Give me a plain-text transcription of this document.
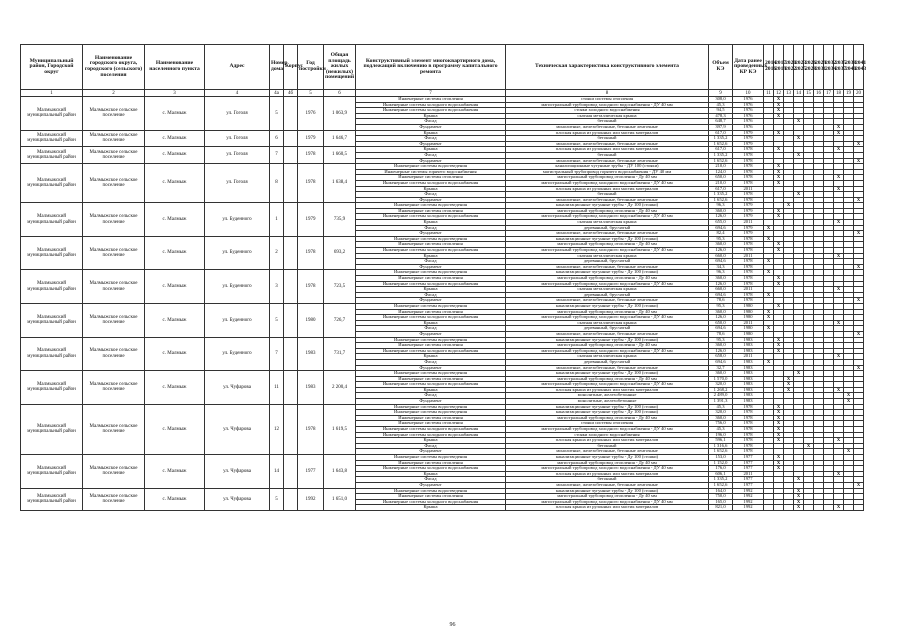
Муниципальный район, Городской округ	Наименование городского округа, городского (сельского) поселения	Наименование населенного пункта	Адрес	Номер дома	Корпус	Год постройки	Общая площадь жилых (нежилых) помещений	Конструктивный элемент многоквартирного дома, подлежащий включению в программу капитального ремонта	Техническая характеристика конструктивного элемента	Объем КЭ	Дата ранее проведенных КР КЭ	2014 2016	2017 2019	2020 2022	2023 2025	2026 2028	2029 2031	2032 2034	2035 2037	2038 2040	2041 2043
1	2	3	4	4a	4б	5	6	7	8	9	10	11	12	13	14	15	16	17	18	19	20
Малмыжский муниципальный район	Малмыжское сельское поселение	с. Малмыж	ул. Гоголя	5		1976	1 063,9	Инженерные системы отопления	стояки системы отопления	308,0	1976		X								
								Инженерные системы холодного водоснабжения	магистральный трубопровод холодного водоснабжения - ДУ 40 мм	45,3	1976		X								
								Инженерные системы холодного водоснабжения	стояки холодного водоснабжения	94,5	1976		X								
								Крыша	скатная металлическая крыша	478,3	1976		X								
								Фасад	бетонный	648,7	1976				X						
								Фундамент	монолитные, железобетонные, бетонные ленточные	397,9	1976								X		
Малмыжский муниципальный район	Малмыжское сельское поселение	с. Малмыж	ул. Гоголя	6		1979	1 646,7	Крыша	плоская крыша из рулонных или мастик материалов	617,0	1979		X						X		
								Фасад	бетонный	1 335,2	1979				X						
								Фундамент	монолитные, железобетонные, бетонные ленточные	1 652,6	1979										X
Малмыжский муниципальный район	Малмыжское сельское поселение	с. Малмыж	ул. Гоголя	7		1978	1 660,5	Крыша	плоская крыша из рулонных или мастик материалов	617,0	1978		X						X		
								Фасад	бетонный	1 335,2	1978				X						
								Фундамент	монолитные, железобетонные, бетонные ленточные	1 652,6	1978										X
Малмыжский муниципальный район	Малмыжское сельское поселение	с. Малмыж	ул. Гоголя	8		1978	1 638,4	Инженерные системы водоотведения	канализационные чугунные трубы - ДУ 100 (стояки)	210,0	1978		X								
								Инженерные системы горячего водоснабжения	магистральный трубопровод горячего водоснабжения - ДУ 40 мм	124,0	1978		X								
								Инженерные системы отопления	магистральный трубопровод отопления - Ду 40 мм	650,0	1978		X						X		
								Инженерные системы холодного водоснабжения	магистральный трубопровод холодного водоснабжения - ДУ 40 мм	210,0	1978		X								
								Крыша	плоская крыша из рулонных или мастик материалов	617,0	2011								X		
								Фасад	бетонный	1 335,2	1978				X						
								Фундамент	монолитные, железобетонные, бетонные ленточные	1 652,6	1978										X
Малмыжский муниципальный район	Малмыжское сельское поселение	с. Малмыж	ул. Буденного	1		1979	735,9	Инженерные системы водоотведения	канализационные чугунные трубы - Ду 100 (стояки)	96,3	1979			X							
								Инженерные системы отопления	магистральный трубопровод отопления - Ду 40 мм	360,0	1979		X								
								Инженерные системы холодного водоснабжения	магистральный трубопровод холодного водоснабжения - ДУ 40 мм	126,0	1979		X								
								Крыша	скатная металлическая крыша	655,0	2011								X		
								Фасад	деревянный, брусчатый	694,6	1979	X									
								Фундамент	монолитные, железобетонные, бетонные ленточные	82,4	1979										X
Малмыжский муниципальный район	Малмыжское сельское поселение	с. Малмыж	ул. Буденного	2		1978	693,2	Инженерные системы водоотведения	канализационные чугунные трубы - Ду 100 (стояки)	95,3	1978	X									
								Инженерные системы отопления	магистральный трубопровод отопления - Ду 40 мм	360,0	1978		X								
								Инженерные системы холодного водоснабжения	магистральный трубопровод холодного водоснабжения - ДУ 40 мм	126,0	1978		X								
								Крыша	скатная металлическая крыша	660,0	2011								X		
								Фасад	деревянный, брусчатый	694,6	1978	X									
								Фундамент	монолитные, железобетонные, бетонные ленточные	34,3	1978										X
Малмыжский муниципальный район	Малмыжское сельское поселение	с. Малмыж	ул. Буденного	3		1978	723,5	Инженерные системы водоотведения	канализационные чугунные трубы - Ду 100 (стояки)	96,3	1978	X									
								Инженерные системы отопления	магистральный трубопровод отопления - Ду 40 мм	360,0	1978		X								
								Инженерные системы холодного водоснабжения	магистральный трубопровод холодного водоснабжения - ДУ 40 мм	126,0	1978		X								
								Крыша	скатная металлическая крыша	660,0	2011								X		
								Фасад	деревянный, брусчатый	694,6	1978	X									
								Фундамент	монолитные, железобетонные, бетонные ленточные	78,6	1978										X
Малмыжский муниципальный район	Малмыжское сельское поселение	с. Малмыж	ул. Буденного	5		1980	726,7	Инженерные системы водоотведения	канализационные чугунные трубы - Ду 100 (стояки)	95,3	1980		X								
								Инженерные системы отопления	магистральный трубопровод отопления - Ду 40 мм	360,0	1980	X									
								Инженерные системы холодного водоснабжения	магистральный трубопровод холодного водоснабжения - ДУ 40 мм	126,0	1980	X									
								Крыша	скатная металлическая крыша	650,0	2011								X		
								Фасад	деревянный, брусчатый	694,6	1980	X									
								Фундамент	монолитные, железобетонные, бетонные ленточные	78,6	1980										X
Малмыжский муниципальный район	Малмыжское сельское поселение	с. Малмыж	ул. Буденного	7		1983	731,7	Инженерные системы водоотведения	канализационные чугунные трубы - Ду 100 (стояки)	95,3	1983		X								
								Инженерные системы отопления	магистральный трубопровод отопления - Ду 40 мм	360,0	1983		X								
								Инженерные системы холодного водоснабжения	магистральный трубопровод холодного водоснабжения - ДУ 40 мм	126,0	1983		X								
								Крыша	скатная металлическая крыша	658,0	2011								X		
								Фасад	деревянный, брусчатый	694,6	1983	X									
								Фундамент	монолитные, железобетонные, бетонные ленточные	32,7	1983										X
Малмыжский муниципальный район	Малмыжское сельское поселение	с. Малмыж	ул. Чуфарова	11		1983	2 200,4	Инженерные системы водоотведения	канализационные чугунные трубы - Ду 100 (стояки)	360,0	1983				X						
								Инженерные системы отопления	магистральный трубопровод отопления - Ду 40 мм	1 570,0	1983			X							
								Инженерные системы холодного водоснабжения	магистральный трубопровод холодного водоснабжения - ДУ 40 мм	320,0	1983			X							
								Крыша	плоская крыша из рулонных или мастик материалов	1 268,2	1983			X					X		
								Фасад	монолитные, железобетонные	2 489,0	1983									X	
								Фундамент	монолитные, железобетонные	1 391,3	1983									X	
Малмыжский муниципальный район	Малмыжское сельское поселение	с. Малмыж	ул. Чуфарова	12		1978	1 619,5	Инженерные системы водоотведения	канализационные чугунные трубы - Ду 100 (стояки)	45,3	1978		X								
								Инженерные системы водоотведения	канализационные чугунные трубы - Ду 100 (стояки)	320,0	1978		X								
								Инженерные системы отопления	магистральный трубопровод отопления - Ду 40 мм	360,0	1978		X								
								Инженерные системы отопления	стояки системы отопления	756,0	1978		X								
								Инженерные системы холодного водоснабжения	магистральный трубопровод холодного водоснабжения - ДУ 40 мм	45,3	1978		X								
								Инженерные системы холодного водоснабжения	стояки холодного водоснабжения	196,0	1978		X								
								Крыша	плоская крыша из рулонных или мастик материалов	596,1	1978		X						X		
								Фасад	бетонный	1 316,6	1978					X					
								Фундамент	монолитные, железобетонные, бетонные ленточные	1 652,6	1978									X	
Малмыжский муниципальный район	Малмыжское сельское поселение	с. Малмыж	ул. Чуфарова	14		1977	1 643,8	Инженерные системы водоотведения	канализационные чугунные трубы - Ду 100 (стояки)	153,0	1977		X								
								Инженерные системы отопления	магистральный трубопровод отопления - Ду 40 мм	1 152,0	1977		X								
								Инженерные системы холодного водоснабжения	магистральный трубопровод холодного водоснабжения - ДУ 40 мм	176,0	1977		X								
								Крыша	плоская крыша из рулонных или мастик материалов	606,1	2011								X		
								Фасад	бетонный	1 335,2	1977				X						
								Фундамент	монолитные, железобетонные, бетонные ленточные	1 652,6	1977										X
Малмыжский муниципальный район	Малмыжское сельское поселение	с. Малмыж	ул. Чуфарова	5		1992	1 651,0	Инженерные системы водоотведения	канализационные чугунные трубы - Ду 100 (стояки)	164,0	1992				X						
								Инженерные системы отопления	магистральный трубопровод отопления - Ду 40 мм	750,0	1992				X						
								Инженерные системы холодного водоснабжения	магистральный трубопровод холодного водоснабжения - ДУ 40 мм	165,0	1992				X						
								Крыша	плоская крыша из рулонных или мастик материалов	821,0	1992				X				X		
96
